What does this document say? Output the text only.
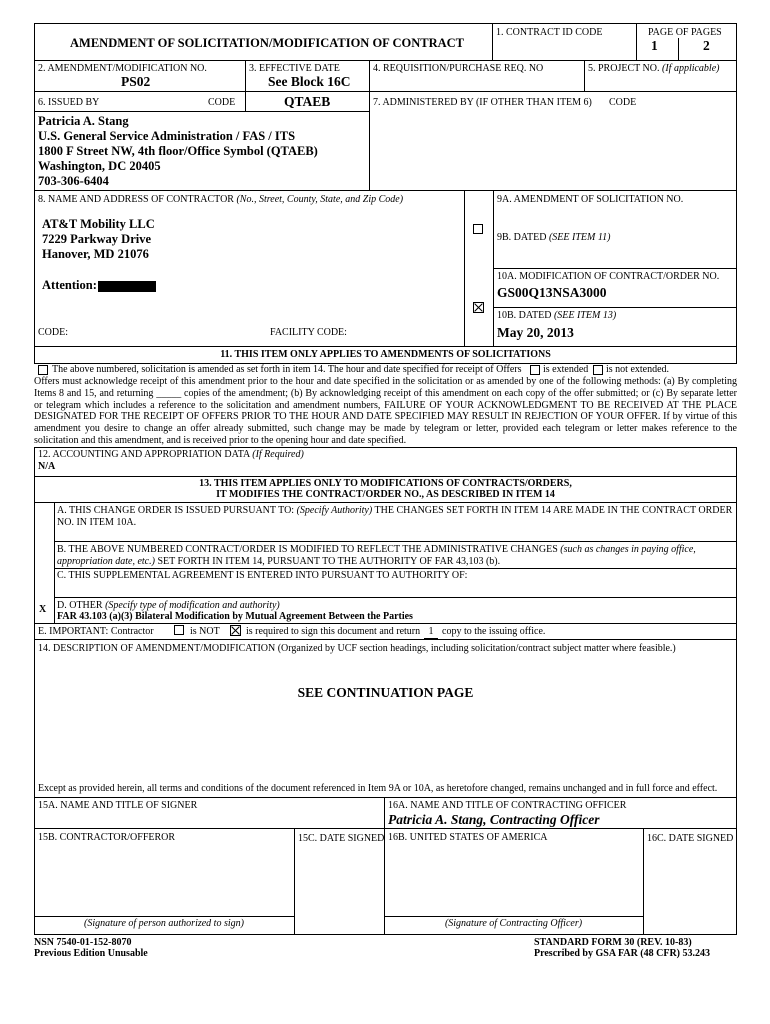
AMENDMENT OF SOLICITATION/MODIFICATION OF CONTRACT
1. CONTRACT ID CODE	PAGE OF PAGES
1	2
2. AMENDMENT/MODIFICATION NO.
PS02
3. EFFECTIVE DATE
See Block 16C
4. REQUISITION/PURCHASE REQ. NO	5. PROJECT NO. (If applicable)
6. ISSUED BY	CODE	QTAEB	7. ADMINISTERED BY (IF OTHER THAN ITEM 6) CODE
Patricia A. Stang
U.S. General Service Administration / FAS / ITS
1800 F Street NW, 4th floor/Office Symbol (QTAEB)
Washington, DC 20405
703-306-6404
8. NAME AND ADDRESS OF CONTRACTOR (No., Street, County, State, and Zip Code)
AT&T Mobility LLC
7229 Parkway Drive
Hanover, MD 21076
Attention:
CODE:	FACILITY CODE:
9A. AMENDMENT OF SOLICITATION NO.
9B. DATED (SEE ITEM 11)
10A. MODIFICATION OF CONTRACT/ORDER NO.
GS00Q13NSA3000
10B. DATED (SEE ITEM 13)
May 20, 2013
11. THIS ITEM ONLY APPLIES TO AMENDMENTS OF SOLICITATIONS
The above numbered, solicitation is amended as set forth in item 14. The hour and date specified for receipt of Offers is extended is not extended.
Offers must acknowledge receipt of this amendment prior to the hour and date specified in the solicitation or as amended by one of the following methods: (a) By completing Items 8 and 15, and returning _____ copies of the amendment; (b) By acknowledging receipt of this amendment on each copy of the offer submitted; or (c) By separate letter or telegram which includes a reference to the solicitation and amendment numbers, FAILURE OF YOUR ACKNOWLEDGMENT TO BE RECEIVED AT THE PLACE DESIGNATED FOR THE RECEIPT OF OFFERS PRIOR TO THE HOUR AND DATE SPECIFIED MAY RESULT IN REJECTION OF YOUR OFFER. If by virtue of this amendment you desire to change an offer already submitted, such change may be made by telegram or letter, provided each telegram or letter makes reference to the solicitation and this amendment, and is received prior to the opening hour and date specified.
12. ACCOUNTING AND APPROPRIATION DATA (If Required)
N/A
13. THIS ITEM APPLIES ONLY TO MODIFICATIONS OF CONTRACTS/ORDERS,
IT MODIFIES THE CONTRACT/ORDER NO., AS DESCRIBED IN ITEM 14
A. THIS CHANGE ORDER IS ISSUED PURSUANT TO: (Specify Authority) THE CHANGES SET FORTH IN ITEM 14 ARE MADE IN THE CONTRACT ORDER NO. IN ITEM 10A.
B. THE ABOVE NUMBERED CONTRACT/ORDER IS MODIFIED TO REFLECT THE ADMINISTRATIVE CHANGES (such as changes in paying office, appropriation date, etc.) SET FORTH IN ITEM 14, PURSUANT TO THE AUTHORITY OF FAR 43,103 (b).
C. THIS SUPPLEMENTAL AGREEMENT IS ENTERED INTO PURSUANT TO AUTHORITY OF:
X D. OTHER (Specify type of modification and authority)
FAR 43.103 (a)(3) Bilateral Modification by Mutual Agreement Between the Parties
E. IMPORTANT: Contractor	is NOT	is required to sign this document and return 1 copy to the issuing office.
14. DESCRIPTION OF AMENDMENT/MODIFICATION (Organized by UCF section headings, including solicitation/contract subject matter where feasible.)
SEE CONTINUATION PAGE
Except as provided herein, all terms and conditions of the document referenced in Item 9A or 10A, as heretofore changed, remains unchanged and in full force and effect.
15A. NAME AND TITLE OF SIGNER	16A. NAME AND TITLE OF CONTRACTING OFFICER
Patricia A. Stang, Contracting Officer
15B. CONTRACTOR/OFFEROR	15C. DATE SIGNED 16B. UNITED STATES OF AMERICA	16C. DATE SIGNED
(Signature of person authorized to sign)	(Signature of Contracting Officer)
NSN 7540-01-152-8070
Previous Edition Unusable
STANDARD FORM 30 (REV. 10-83)
Prescribed by GSA FAR (48 CFR) 53.243
